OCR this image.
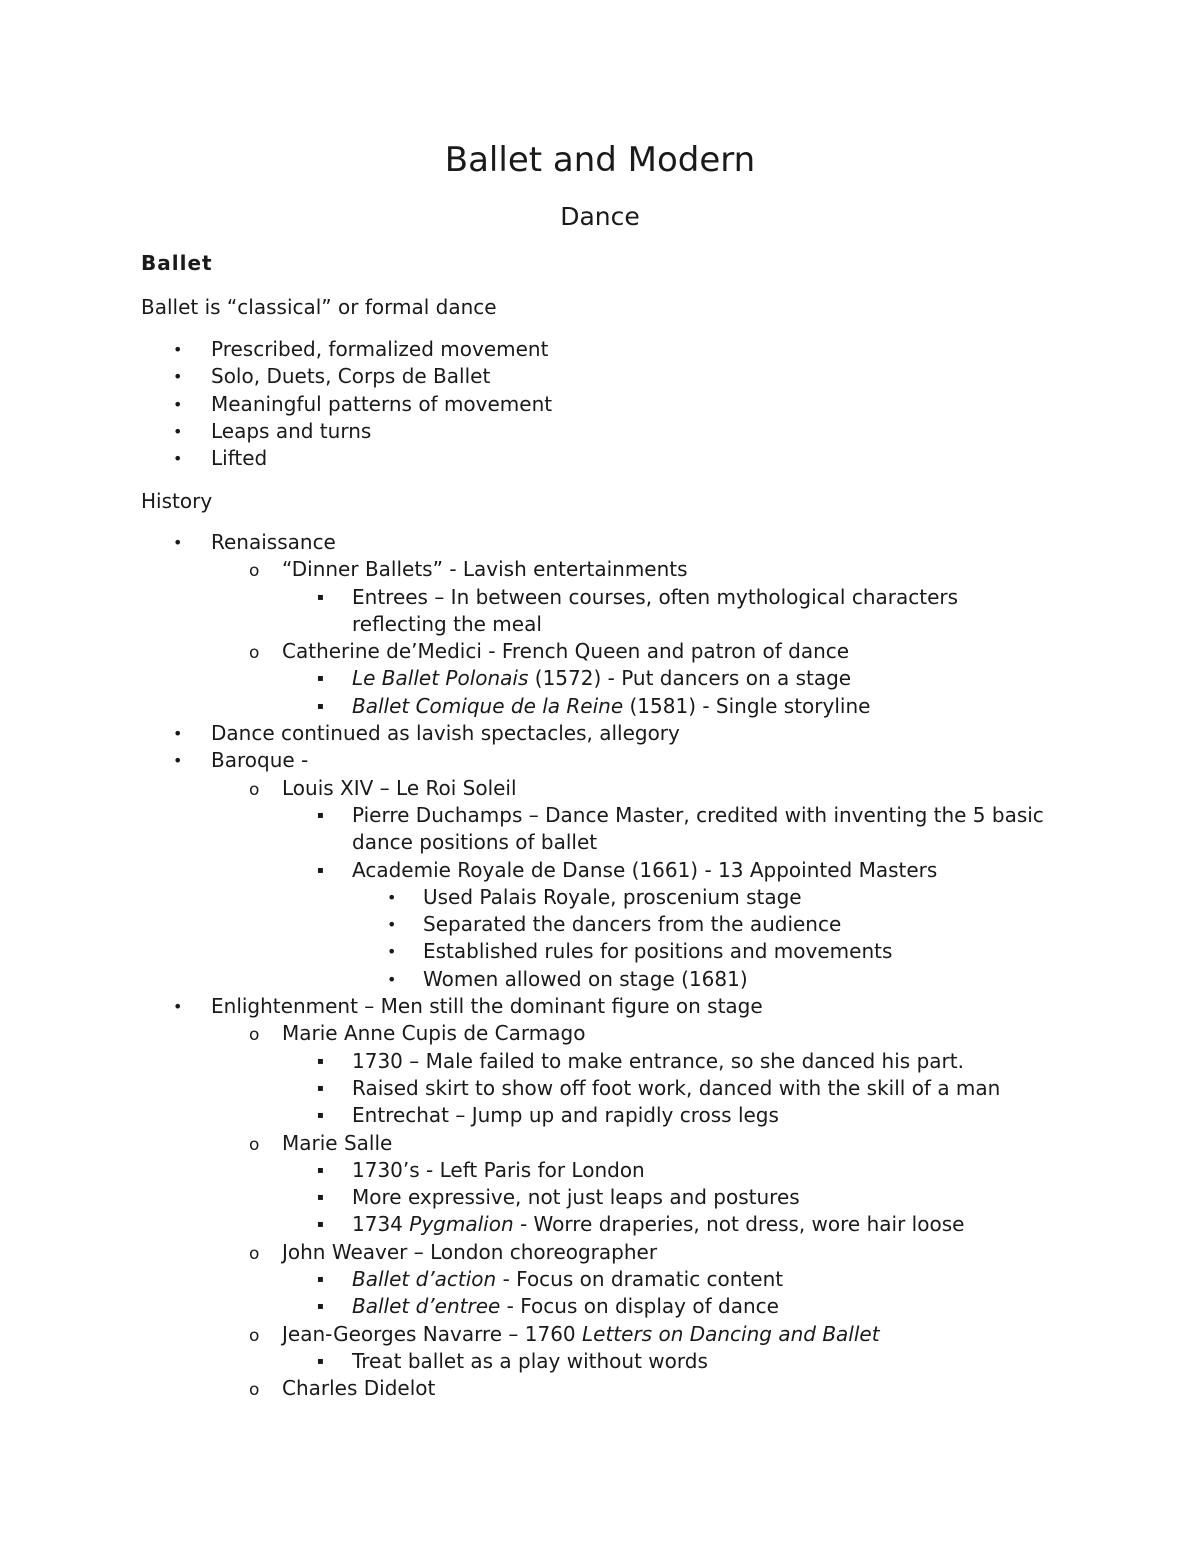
Ballet and Modern
Dance
Ballet

Ballet is “classical” or formal dance

• Prescribed, formalized movement
• Solo, Duets, Corps de Ballet
• Meaningful patterns of movement
• Leaps and turns
• Lifted

History

• Renaissance
o “Dinner Ballets” - Lavish entertainments
▪ Entrees – In between courses, often mythological characters reflecting the meal
o Catherine de’Medici - French Queen and patron of dance
▪ Le Ballet Polonais (1572) - Put dancers on a stage
▪ Ballet Comique de la Reine (1581) - Single storyline
• Dance continued as lavish spectacles, allegory
• Baroque -
o Louis XIV – Le Roi Soleil
▪ Pierre Duchamps – Dance Master, credited with inventing the 5 basic dance positions of ballet
▪ Academie Royale de Danse (1661) - 13 Appointed Masters
• Used Palais Royale, proscenium stage
• Separated the dancers from the audience
• Established rules for positions and movements
• Women allowed on stage (1681)
• Enlightenment – Men still the dominant figure on stage
o Marie Anne Cupis de Carmago
▪ 1730 – Male failed to make entrance, so she danced his part.
▪ Raised skirt to show off foot work, danced with the skill of a man
▪ Entrechat – Jump up and rapidly cross legs
o Marie Salle
▪ 1730’s - Left Paris for London
▪ More expressive, not just leaps and postures
▪ 1734 Pygmalion - Worre draperies, not dress, wore hair loose
o John Weaver – London choreographer
▪ Ballet d’action - Focus on dramatic content
▪ Ballet d’entree - Focus on display of dance
o Jean-Georges Navarre – 1760 Letters on Dancing and Ballet
▪ Treat ballet as a play without words
o Charles Didelot
